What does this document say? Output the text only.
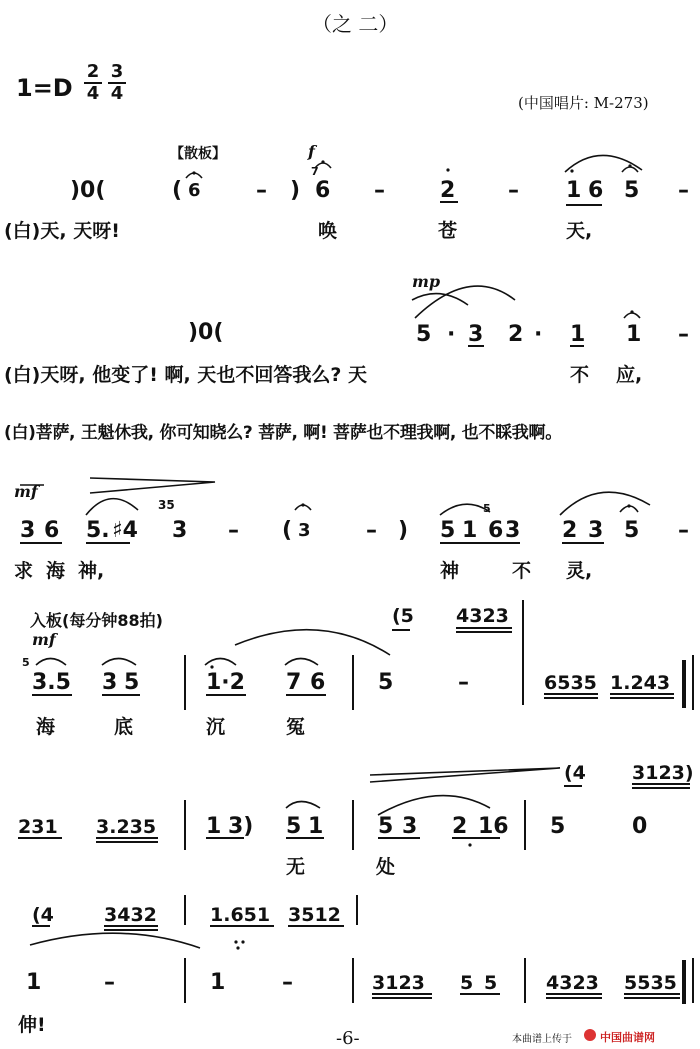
（之 二）
1=D
2
4
3
4	(中国唱片: M-273)
【散板】	f
)0(	( 6	– )
7
6 –	2 – 1 6 5 –
(白)天, 天呀!	唤	苍	天,
mp
)0(	5 · 3 2 · 1 1 –
(白)天呀, 他变了! 啊, 天也不回答我么? 天	不 应,
(白)菩萨, 王魁休我, 你可知晓么? 菩萨, 啊! 菩萨也不理我啊, 也不睬我啊。
mf
3 6 5. ♯4
35
3 – ( 3	– ) 5 1
5
6 3 2 3 5 –
求 海 神,	神	不 灵,
入板(每分钟88拍)
mf
(5 4323
5
3.5 3 5	1·2 7 6 5	–	6535 1.243
海	底	沉	冤
(4 3123)
231 3.235 1 3) 5 1 5 3 2 16 5	0
无	处
(4	3432	1.651 3512
1	–	1	–	3123 5 5	4323 5535
伸!
-6-	本曲谱上传于	中国曲谱网
